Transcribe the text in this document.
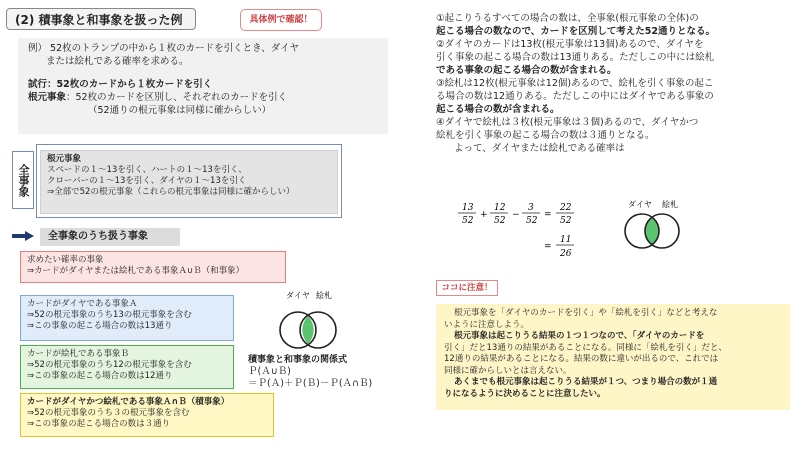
(2) 積事象と和事象を扱った例	具体例で確認！

例） 52枚のトランプの中から１枚のカードを引くとき、ダイヤ

または絵札である確率を求める。

試行：52枚のカードから１枚カードを引く

根元事象：52枚のカードを区別し、それぞれのカードを引く

（52通りの根元事象は同様に確からしい）

全事象

根元事象

スペードの１～13を引く、ハートの１～13を引く、

クローバーの１～13を引く、ダイヤの１～13を引く

⇒全部で52の根元事象（これらの根元事象は同様に確からしい）

全事象のうち扱う事象

求めたい確率の事象

⇒カードがダイヤまたは絵札である事象Ａ∪Ｂ（和事象）

カードがダイヤである事象Ａ

⇒52の根元事象のうち13の根元事象を含む

⇒この事象の起こる場合の数は13通り

カードが絵札である事象Ｂ

⇒52の根元事象のうち12の根元事象を含む

⇒この事象の起こる場合の数は12通り

カードがダイヤかつ絵札である事象Ａ∩Ｂ（積事象）

⇒52の根元事象のうち３の根元事象を含む

⇒この事象の起こる場合の数は３通り

ダイヤ 絵札

積事象と和事象の関係式

Ｐ(Ａ∪Ｂ)

＝Ｐ(Ａ)＋Ｐ(Ｂ)－Ｐ(Ａ∩Ｂ)

①起こりうるすべての場合の数は、全事象(根元事象の全体)の

起こる場合の数なので、カードを区別して考えた52通りとなる。

②ダイヤのカードは13枚(根元事象は13個)あるので、ダイヤを

引く事象の起こる場合の数は13通りある。ただしこの中には絵札

である事象の起こる場合の数が含まれる。

③絵札は12枚(根元事象は12個)あるので、絵札を引く事象の起こ

る場合の数は12通りある。ただしこの中にはダイヤである事象の

起こる場合の数が含まれる。

④ダイヤで絵札は３枚(根元事象は３個)あるので、ダイヤかつ

絵札を引く事象の起こる場合の数は３通りとなる。

よって、ダイヤまたは絵札である確率は

13
52
+
12
52
−
3
52
=
22
52
=
11
26
ダイヤ 絵札
ココに注意！

根元事象を「ダイヤのカードを引く」や「絵札を引く」などと考えな

いように注意しよう。

根元事象は起こりうる結果の１つ１つなので、「ダイヤのカードを

引く」だと13通りの結果があることになる。同様に「絵札を引く」だと、

12通りの結果があることになる。結果の数に違いが出るので、これでは

同様に確からしいとは言えない。

あくまでも根元事象は起こりうる結果が１つ、つまり場合の数が１通

りになるように決めることに注意したい。
